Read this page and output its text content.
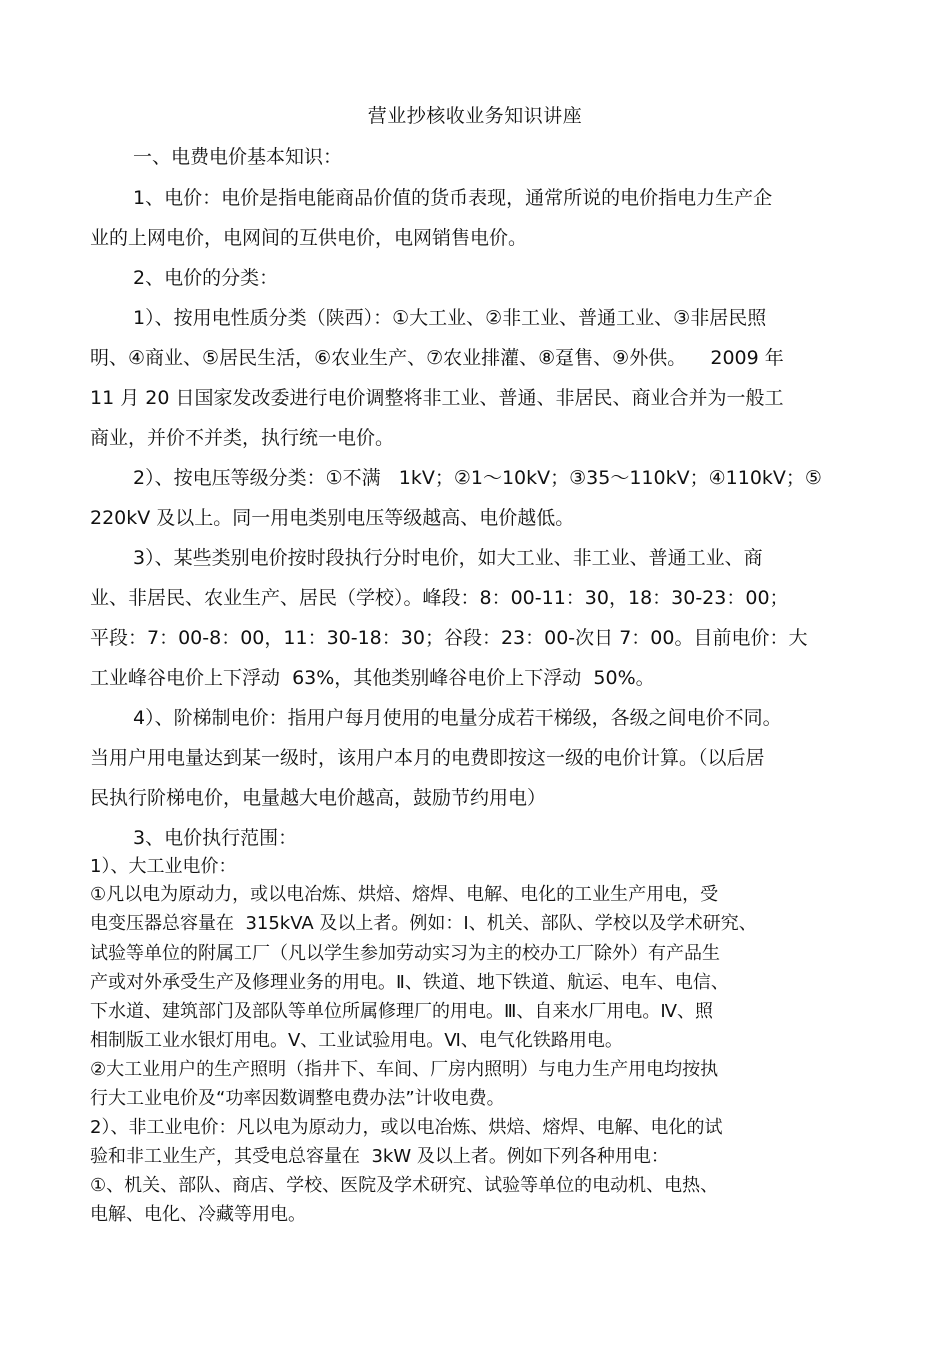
营业抄核收业务知识讲座
一、电费电价基本知识：
1、电价：电价是指电能商品价值的货币表现，通常所说的电价指电力生产企
业的上网电价，电网间的互供电价，电网销售电价。
2、电价的分类：
1）、按用电性质分类（陕西）：①大工业、②非工业、普通工业、③非居民照
明、④商业、⑤居民生活，⑥农业生产、⑦农业排灌、⑧趸售、⑨外供。    2009 年
11 月 20 日国家发改委进行电价调整将非工业、普通、非居民、商业合并为一般工
商业，并价不并类，执行统一电价。
2）、按电压等级分类：①不满   1kV；②1～10kV；③35～110kV；④110kV；⑤
220kV 及以上。同一用电类别电压等级越高、电价越低。
3）、某些类别电价按时段执行分时电价，如大工业、非工业、普通工业、商
业、非居民、农业生产、居民（学校）。峰段：8：00-11：30，18：30-23：00；
平段：7：00-8：00，11：30-18：30；谷段：23：00-次日 7：00。目前电价：大
工业峰谷电价上下浮动  63%，其他类别峰谷电价上下浮动  50%。
4）、阶梯制电价：指用户每月使用的电量分成若干梯级，各级之间电价不同。
当用户用电量达到某一级时，该用户本月的电费即按这一级的电价计算。（以后居
民执行阶梯电价，电量越大电价越高，鼓励节约用电）
3、电价执行范围：
1）、大工业电价：
①凡以电为原动力，或以电冶炼、烘焙、熔焊、电解、电化的工业生产用电，受
电变压器总容量在  315kVA 及以上者。例如：Ⅰ、机关、部队、学校以及学术研究、
试验等单位的附属工厂（凡以学生参加劳动实习为主的校办工厂除外）有产品生
产或对外承受生产及修理业务的用电。Ⅱ、铁道、地下铁道、航运、电车、电信、
下水道、建筑部门及部队等单位所属修理厂的用电。Ⅲ、自来水厂用电。Ⅳ、照
相制版工业水银灯用电。Ⅴ、工业试验用电。Ⅵ、电气化铁路用电。
②大工业用户的生产照明（指井下、车间、厂房内照明）与电力生产用电均按执
行大工业电价及“功率因数调整电费办法”计收电费。
2）、非工业电价：凡以电为原动力，或以电冶炼、烘焙、熔焊、电解、电化的试
验和非工业生产，其受电总容量在  3kW 及以上者。例如下列各种用电：
①、机关、部队、商店、学校、医院及学术研究、试验等单位的电动机、电热、
电解、电化、冷藏等用电。
